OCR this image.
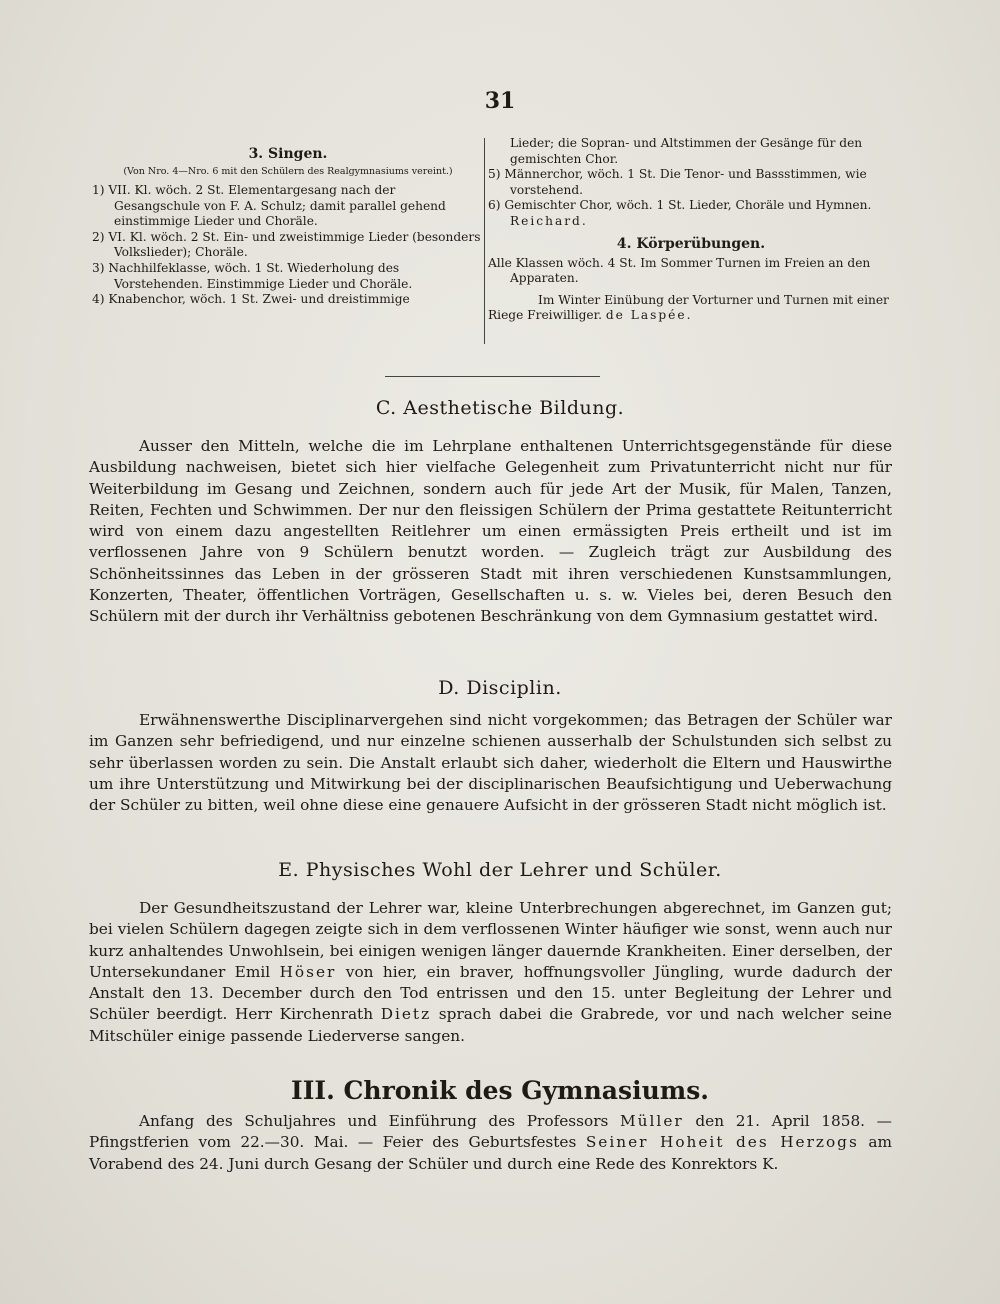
31
3. Singen.

(Von Nro. 4—Nro. 6 mit den Schülern des Realgymnasiums vereint.)

1) VII. Kl. wöch. 2 St. Elementargesang nach der Gesangschule von F. A. Schulz; damit parallel gehend einstimmige Lieder und Choräle.

2) VI. Kl. wöch. 2 St. Ein- und zweistimmige Lieder (besonders Volkslieder); Choräle.

3) Nachhilfeklasse, wöch. 1 St. Wiederholung des Vorstehenden. Einstimmige Lieder und Choräle.

4) Knabenchor, wöch. 1 St. Zwei- und dreistimmige

Lieder; die Sopran- und Altstimmen der Gesänge für den gemischten Chor.

5) Männerchor, wöch. 1 St. Die Tenor- und Bassstimmen, wie vorstehend.

6) Gemischter Chor, wöch. 1 St. Lieder, Choräle und Hymnen. Reichard.

4. Körperübungen.

Alle Klassen wöch. 4 St. Im Sommer Turnen im Freien an den Apparaten.

Im Winter Einübung der Vorturner und Turnen mit einer Riege Freiwilliger. de Laspée.

C. Aesthetische Bildung.

Ausser den Mitteln, welche die im Lehrplane enthaltenen Unterrichtsgegenstände für diese Ausbildung nachweisen, bietet sich hier vielfache Gelegenheit zum Privatunterricht nicht nur für Weiterbildung im Gesang und Zeichnen, sondern auch für jede Art der Musik, für Malen, Tanzen, Reiten, Fechten und Schwimmen. Der nur den fleissigen Schülern der Prima gestattete Reitunterricht wird von einem dazu angestellten Reitlehrer um einen ermässigten Preis ertheilt und ist im verflossenen Jahre von 9 Schülern benutzt worden. — Zugleich trägt zur Ausbildung des Schönheitssinnes das Leben in der grösseren Stadt mit ihren verschiedenen Kunstsammlungen, Konzerten, Theater, öffentlichen Vorträgen, Gesellschaften u. s. w. Vieles bei, deren Besuch den Schülern mit der durch ihr Verhältniss gebotenen Beschränkung von dem Gymnasium gestattet wird.

D. Disciplin.

Erwähnenswerthe Disciplinarvergehen sind nicht vorgekommen; das Betragen der Schüler war im Ganzen sehr befriedigend, und nur einzelne schienen ausserhalb der Schulstunden sich selbst zu sehr überlassen worden zu sein. Die Anstalt erlaubt sich daher, wiederholt die Eltern und Hauswirthe um ihre Unterstützung und Mitwirkung bei der disciplinarischen Beaufsichtigung und Ueberwachung der Schüler zu bitten, weil ohne diese eine genauere Aufsicht in der grösseren Stadt nicht möglich ist.

E. Physisches Wohl der Lehrer und Schüler.

Der Gesundheitszustand der Lehrer war, kleine Unterbrechungen abgerechnet, im Ganzen gut; bei vielen Schülern dagegen zeigte sich in dem verflossenen Winter häufiger wie sonst, wenn auch nur kurz anhaltendes Unwohlsein, bei einigen wenigen länger dauernde Krankheiten. Einer derselben, der Untersekundaner Emil Höser von hier, ein braver, hoffnungsvoller Jüngling, wurde dadurch der Anstalt den 13. December durch den Tod entrissen und den 15. unter Begleitung der Lehrer und Schüler beerdigt. Herr Kirchenrath Dietz sprach dabei die Grabrede, vor und nach welcher seine Mitschüler einige passende Liederverse sangen.

III. Chronik des Gymnasiums.

Anfang des Schuljahres und Einführung des Professors Müller den 21. April 1858. — Pfingstferien vom 22.—30. Mai. — Feier des Geburtsfestes Seiner Hoheit des Herzogs am Vorabend des 24. Juni durch Gesang der Schüler und durch eine Rede des Konrektors K.
